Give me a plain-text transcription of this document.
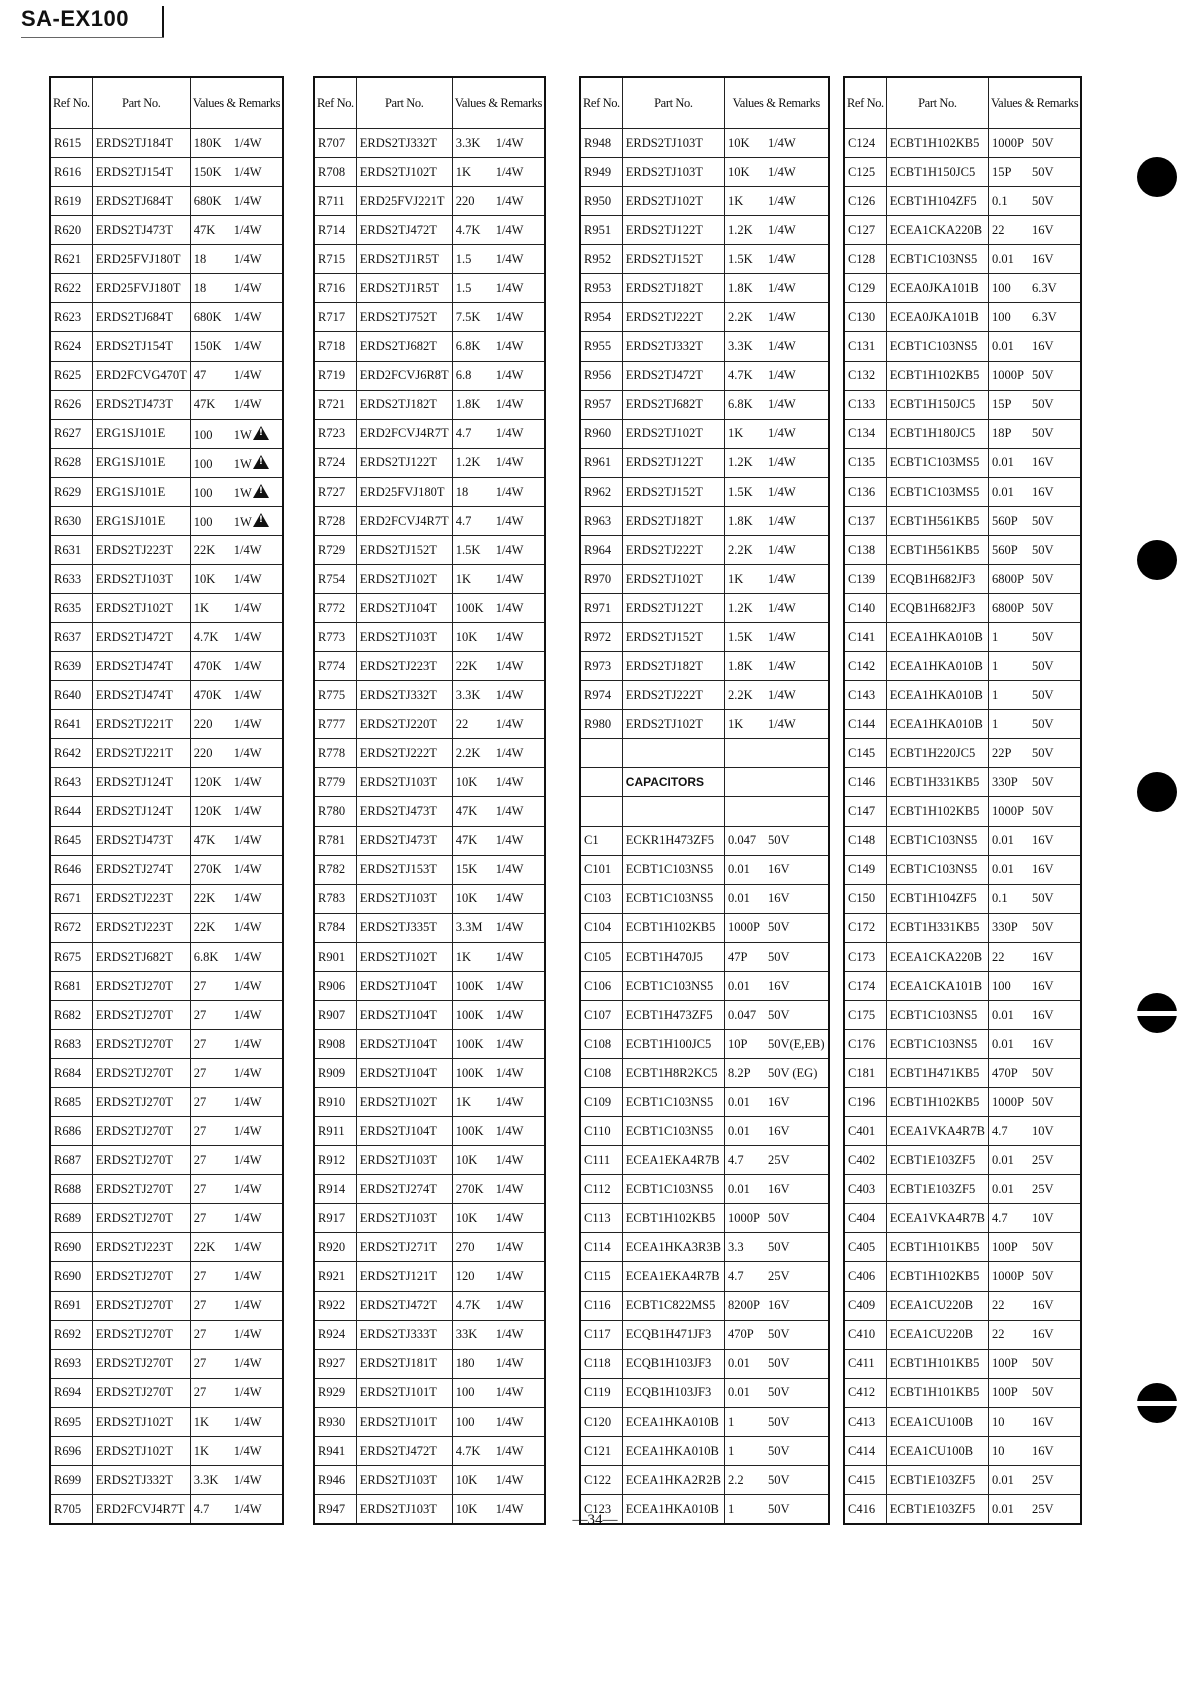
SA-EX100
Ref No.	Part No.	Values & Remarks
R615	ERDS2TJ184T	180K 1/4W
R616	ERDS2TJ154T	150K 1/4W
R619	ERDS2TJ684T	680K 1/4W
R620	ERDS2TJ473T	47K 1/4W
R621	ERD25FVJ180T	18 1/4W
R622	ERD25FVJ180T	18 1/4W
R623	ERDS2TJ684T	680K 1/4W
R624	ERDS2TJ154T	150K 1/4W
R625	ERD2FCVG470T	47 1/4W
R626	ERDS2TJ473T	47K 1/4W
R627	ERG1SJ101E	100 1W!
R628	ERG1SJ101E	100 1W!
R629	ERG1SJ101E	100 1W!
R630	ERG1SJ101E	100 1W!
R631	ERDS2TJ223T	22K 1/4W
R633	ERDS2TJ103T	10K 1/4W
R635	ERDS2TJ102T	1K 1/4W
R637	ERDS2TJ472T	4.7K 1/4W
R639	ERDS2TJ474T	470K 1/4W
R640	ERDS2TJ474T	470K 1/4W
R641	ERDS2TJ221T	220 1/4W
R642	ERDS2TJ221T	220 1/4W
R643	ERDS2TJ124T	120K 1/4W
R644	ERDS2TJ124T	120K 1/4W
R645	ERDS2TJ473T	47K 1/4W
R646	ERDS2TJ274T	270K 1/4W
R671	ERDS2TJ223T	22K 1/4W
R672	ERDS2TJ223T	22K 1/4W
R675	ERDS2TJ682T	6.8K 1/4W
R681	ERDS2TJ270T	27 1/4W
R682	ERDS2TJ270T	27 1/4W
R683	ERDS2TJ270T	27 1/4W
R684	ERDS2TJ270T	27 1/4W
R685	ERDS2TJ270T	27 1/4W
R686	ERDS2TJ270T	27 1/4W
R687	ERDS2TJ270T	27 1/4W
R688	ERDS2TJ270T	27 1/4W
R689	ERDS2TJ270T	27 1/4W
R690	ERDS2TJ223T	22K 1/4W
R690	ERDS2TJ270T	27 1/4W
R691	ERDS2TJ270T	27 1/4W
R692	ERDS2TJ270T	27 1/4W
R693	ERDS2TJ270T	27 1/4W
R694	ERDS2TJ270T	27 1/4W
R695	ERDS2TJ102T	1K 1/4W
R696	ERDS2TJ102T	1K 1/4W
R699	ERDS2TJ332T	3.3K 1/4W
R705	ERD2FCVJ4R7T	4.7 1/4W
Ref No.	Part No.	Values & Remarks
R707	ERDS2TJ332T	3.3K 1/4W
R708	ERDS2TJ102T	1K 1/4W
R711	ERD25FVJ221T	220 1/4W
R714	ERDS2TJ472T	4.7K 1/4W
R715	ERDS2TJ1R5T	1.5 1/4W
R716	ERDS2TJ1R5T	1.5 1/4W
R717	ERDS2TJ752T	7.5K 1/4W
R718	ERDS2TJ682T	6.8K 1/4W
R719	ERD2FCVJ6R8T	6.8 1/4W
R721	ERDS2TJ182T	1.8K 1/4W
R723	ERD2FCVJ4R7T	4.7 1/4W
R724	ERDS2TJ122T	1.2K 1/4W
R727	ERD25FVJ180T	18 1/4W
R728	ERD2FCVJ4R7T	4.7 1/4W
R729	ERDS2TJ152T	1.5K 1/4W
R754	ERDS2TJ102T	1K 1/4W
R772	ERDS2TJ104T	100K 1/4W
R773	ERDS2TJ103T	10K 1/4W
R774	ERDS2TJ223T	22K 1/4W
R775	ERDS2TJ332T	3.3K 1/4W
R777	ERDS2TJ220T	22 1/4W
R778	ERDS2TJ222T	2.2K 1/4W
R779	ERDS2TJ103T	10K 1/4W
R780	ERDS2TJ473T	47K 1/4W
R781	ERDS2TJ473T	47K 1/4W
R782	ERDS2TJ153T	15K 1/4W
R783	ERDS2TJ103T	10K 1/4W
R784	ERDS2TJ335T	3.3M 1/4W
R901	ERDS2TJ102T	1K 1/4W
R906	ERDS2TJ104T	100K 1/4W
R907	ERDS2TJ104T	100K 1/4W
R908	ERDS2TJ104T	100K 1/4W
R909	ERDS2TJ104T	100K 1/4W
R910	ERDS2TJ102T	1K 1/4W
R911	ERDS2TJ104T	100K 1/4W
R912	ERDS2TJ103T	10K 1/4W
R914	ERDS2TJ274T	270K 1/4W
R917	ERDS2TJ103T	10K 1/4W
R920	ERDS2TJ271T	270 1/4W
R921	ERDS2TJ121T	120 1/4W
R922	ERDS2TJ472T	4.7K 1/4W
R924	ERDS2TJ333T	33K 1/4W
R927	ERDS2TJ181T	180 1/4W
R929	ERDS2TJ101T	100 1/4W
R930	ERDS2TJ101T	100 1/4W
R941	ERDS2TJ472T	4.7K 1/4W
R946	ERDS2TJ103T	10K 1/4W
R947	ERDS2TJ103T	10K 1/4W
Ref No.	Part No.	Values & Remarks
R948	ERDS2TJ103T	10K 1/4W
R949	ERDS2TJ103T	10K 1/4W
R950	ERDS2TJ102T	1K 1/4W
R951	ERDS2TJ122T	1.2K 1/4W
R952	ERDS2TJ152T	1.5K 1/4W
R953	ERDS2TJ182T	1.8K 1/4W
R954	ERDS2TJ222T	2.2K 1/4W
R955	ERDS2TJ332T	3.3K 1/4W
R956	ERDS2TJ472T	4.7K 1/4W
R957	ERDS2TJ682T	6.8K 1/4W
R960	ERDS2TJ102T	1K 1/4W
R961	ERDS2TJ122T	1.2K 1/4W
R962	ERDS2TJ152T	1.5K 1/4W
R963	ERDS2TJ182T	1.8K 1/4W
R964	ERDS2TJ222T	2.2K 1/4W
R970	ERDS2TJ102T	1K 1/4W
R971	ERDS2TJ122T	1.2K 1/4W
R972	ERDS2TJ152T	1.5K 1/4W
R973	ERDS2TJ182T	1.8K 1/4W
R974	ERDS2TJ222T	2.2K 1/4W
R980	ERDS2TJ102T	1K 1/4W

	CAPACITORS	

C1	ECKR1H473ZF5	0.047 50V
C101	ECBT1C103NS5	0.01 16V
C103	ECBT1C103NS5	0.01 16V
C104	ECBT1H102KB5	1000P 50V
C105	ECBT1H470J5	47P 50V
C106	ECBT1C103NS5	0.01 16V
C107	ECBT1H473ZF5	0.047 50V
C108	ECBT1H100JC5	10P 50V(E,EB)
C108	ECBT1H8R2KC5	8.2P 50V (EG)
C109	ECBT1C103NS5	0.01 16V
C110	ECBT1C103NS5	0.01 16V
C111	ECEA1EKA4R7B	4.7 25V
C112	ECBT1C103NS5	0.01 16V
C113	ECBT1H102KB5	1000P 50V
C114	ECEA1HKA3R3B	3.3 50V
C115	ECEA1EKA4R7B	4.7 25V
C116	ECBT1C822MS5	8200P 16V
C117	ECQB1H471JF3	470P 50V
C118	ECQB1H103JF3	0.01 50V
C119	ECQB1H103JF3	0.01 50V
C120	ECEA1HKA010B	1 50V
C121	ECEA1HKA010B	1 50V
C122	ECEA1HKA2R2B	2.2 50V
C123	ECEA1HKA010B	1 50V
Ref No.	Part No.	Values & Remarks
C124	ECBT1H102KB5	1000P 50V
C125	ECBT1H150JC5	15P 50V
C126	ECBT1H104ZF5	0.1 50V
C127	ECEA1CKA220B	22 16V
C128	ECBT1C103NS5	0.01 16V
C129	ECEA0JKA101B	100 6.3V
C130	ECEA0JKA101B	100 6.3V
C131	ECBT1C103NS5	0.01 16V
C132	ECBT1H102KB5	1000P 50V
C133	ECBT1H150JC5	15P 50V
C134	ECBT1H180JC5	18P 50V
C135	ECBT1C103MS5	0.01 16V
C136	ECBT1C103MS5	0.01 16V
C137	ECBT1H561KB5	560P 50V
C138	ECBT1H561KB5	560P 50V
C139	ECQB1H682JF3	6800P 50V
C140	ECQB1H682JF3	6800P 50V
C141	ECEA1HKA010B	1 50V
C142	ECEA1HKA010B	1 50V
C143	ECEA1HKA010B	1 50V
C144	ECEA1HKA010B	1 50V
C145	ECBT1H220JC5	22P 50V
C146	ECBT1H331KB5	330P 50V
C147	ECBT1H102KB5	1000P 50V
C148	ECBT1C103NS5	0.01 16V
C149	ECBT1C103NS5	0.01 16V
C150	ECBT1H104ZF5	0.1 50V
C172	ECBT1H331KB5	330P 50V
C173	ECEA1CKA220B	22 16V
C174	ECEA1CKA101B	100 16V
C175	ECBT1C103NS5	0.01 16V
C176	ECBT1C103NS5	0.01 16V
C181	ECBT1H471KB5	470P 50V
C196	ECBT1H102KB5	1000P 50V
C401	ECEA1VKA4R7B	4.7 10V
C402	ECBT1E103ZF5	0.01 25V
C403	ECBT1E103ZF5	0.01 25V
C404	ECEA1VKA4R7B	4.7 10V
C405	ECBT1H101KB5	100P 50V
C406	ECBT1H102KB5	1000P 50V
C409	ECEA1CU220B	22 16V
C410	ECEA1CU220B	22 16V
C411	ECBT1H101KB5	100P 50V
C412	ECBT1H101KB5	100P 50V
C413	ECEA1CU100B	10 16V
C414	ECEA1CU100B	10 16V
C415	ECBT1E103ZF5	0.01 25V
C416	ECBT1E103ZF5	0.01 25V
—34—
